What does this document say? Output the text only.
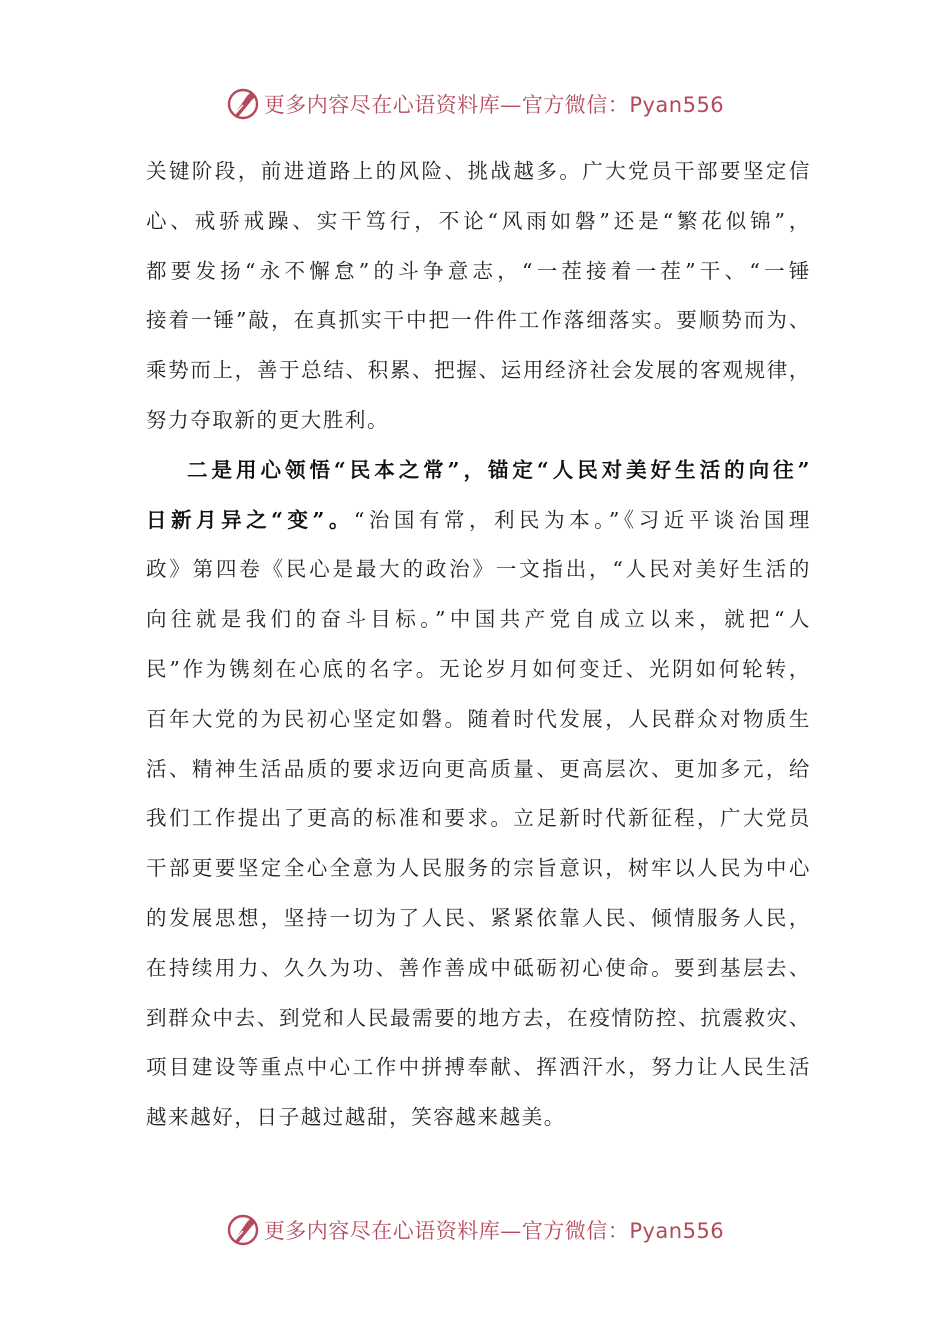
更多内容尽在心语资料库—官方微信：Pyan556
关键阶段，前进道路上的风险、挑战越多。广大党员干部要坚定信
心、戒骄戒躁、实干笃行，不论“风雨如磐”还是“繁花似锦”，
都要发扬“永不懈怠”的斗争意志，“一茬接着一茬”干、“一锤
接着一锤”敲，在真抓实干中把一件件工作落细落实。要顺势而为、
乘势而上，善于总结、积累、把握、运用经济社会发展的客观规律，
努力夺取新的更大胜利。
二是用心领悟“民本之常”，锚定“人民对美好生活的向往”
日新月异之“变”。“治国有常，利民为本。”《习近平谈治国理
政》第四卷《民心是最大的政治》一文指出，“人民对美好生活的
向往就是我们的奋斗目标。”中国共产党自成立以来，就把“人
民”作为镌刻在心底的名字。无论岁月如何变迁、光阴如何轮转，
百年大党的为民初心坚定如磐。随着时代发展，人民群众对物质生
活、精神生活品质的要求迈向更高质量、更高层次、更加多元，给
我们工作提出了更高的标准和要求。立足新时代新征程，广大党员
干部更要坚定全心全意为人民服务的宗旨意识，树牢以人民为中心
的发展思想，坚持一切为了人民、紧紧依靠人民、倾情服务人民，
在持续用力、久久为功、善作善成中砥砺初心使命。要到基层去、
到群众中去、到党和人民最需要的地方去，在疫情防控、抗震救灾、
项目建设等重点中心工作中拼搏奉献、挥洒汗水，努力让人民生活
越来越好，日子越过越甜，笑容越来越美。
更多内容尽在心语资料库—官方微信：Pyan556
